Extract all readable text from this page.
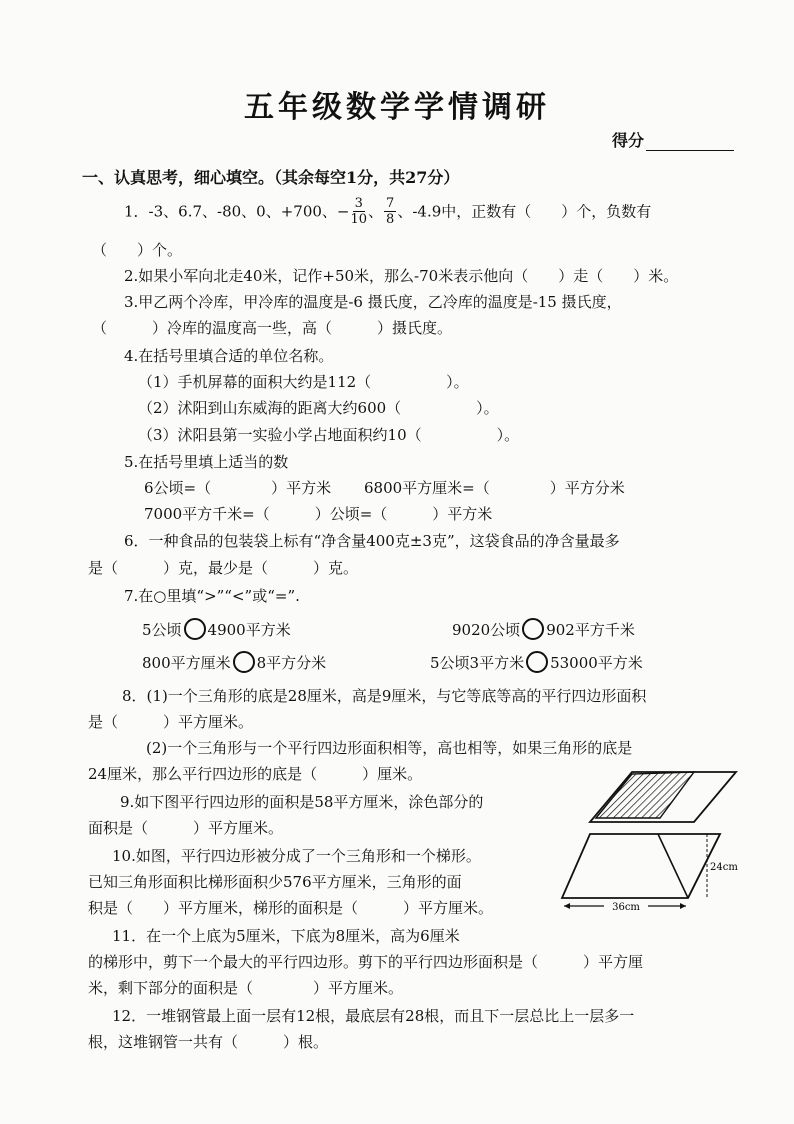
五年级数学学情调研
得分
一、认真思考，细心填空。（其余每空1分，共27分）
1．-3、6.7、-80、0、+700、− $\frac{3}{10}$ 、 $\frac{7}{8}$ 、-4.9中，正数有（　　）个，负数有
（　　）个。
2.如果小军向北走40米，记作+50米，那么-70米表示他向（　　）走（　　）米。
3.甲乙两个冷库，甲冷库的温度是-6 摄氏度，乙冷库的温度是-15 摄氏度，
（　　　）冷库的温度高一些，高（　　　）摄氏度。
4.在括号里填合适的单位名称。
（1）手机屏幕的面积大约是112（　　　　　）。
（2）沭阳到山东威海的距离大约600（　　　　　）。
（3）沭阳县第一实验小学占地面积约10（　　　　　）。
5.在括号里填上适当的数
6公顷=（　　　　）平方米 6800平方厘米=（　　　　）平方分米
7000平方千米=（　　　）公顷=（　　　）平方米
6．一种食品的包装袋上标有“净含量400克±3克”，这袋食品的净含量最多
是（　　　）克，最少是（　　　）克。
7.在○里填“>”“<”或“=”.
5公顷 4900平方米	9020公顷 902平方千米
800平方厘米 8平方分米	5公顷3平方米 53000平方米
8．(1)一个三角形的底是28厘米，高是9厘米，与它等底等高的平行四边形面积
是（　　　）平方厘米。
(2)一个三角形与一个平行四边形面积相等，高也相等，如果三角形的底是
24厘米，那么平行四边形的底是（　　　）厘米。
9.如下图平行四边形的面积是58平方厘米，涂色部分的
面积是（　　　）平方厘米。
10.如图，平行四边形被分成了一个三角形和一个梯形。
已知三角形面积比梯形面积少576平方厘米，三角形的面
积是（　　）平方厘米，梯形的面积是（　　　）平方厘米。	36cm
24cm
11．在一个上底为5厘米，下底为8厘米，高为6厘米
的梯形中，剪下一个最大的平行四边形。剪下的平行四边形面积是（　　　）平方厘
米，剩下部分的面积是（　　　　）平方厘米。
12．一堆钢管最上面一层有12根，最底层有28根，而且下一层总比上一层多一
根，这堆钢管一共有（　　　）根。
